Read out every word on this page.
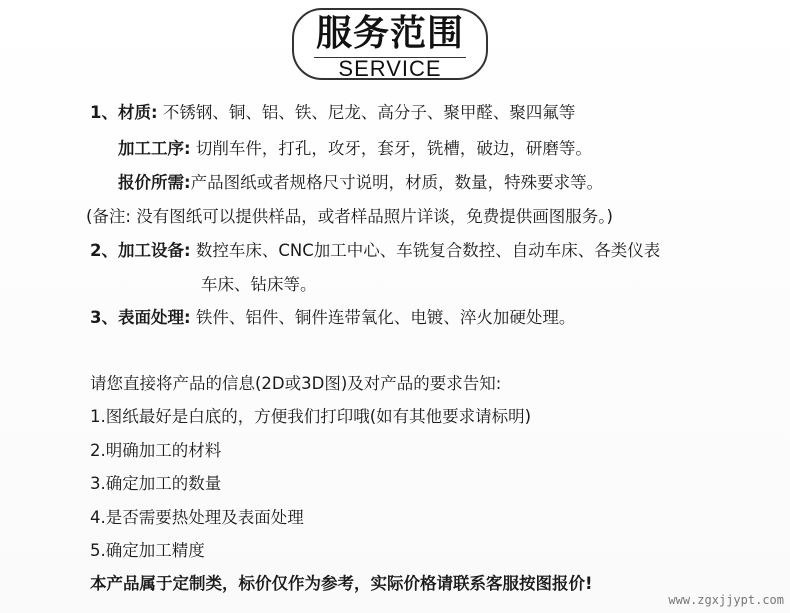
服务范围
SERVICE
1、材质: 不锈钢、铜、铝、铁、尼龙、高分子、聚甲醛、聚四氟等
加工工序: 切削车件，打孔，攻牙，套牙，铣槽，破边，研磨等。
报价所需:产品图纸或者规格尺寸说明，材质，数量，特殊要求等。
(备注: 没有图纸可以提供样品，或者样品照片详谈，免费提供画图服务。)
2、加工设备: 数控车床、CNC加工中心、车铣复合数控、自动车床、各类仪表
车床、钻床等。
3、表面处理: 铁件、铝件、铜件连带氧化、电镀、淬火加硬处理。
请您直接将产品的信息(2D或3D图)及对产品的要求告知:
1.图纸最好是白底的，方便我们打印哦(如有其他要求请标明)
2.明确加工的材料
3.确定加工的数量
4.是否需要热处理及表面处理
5.确定加工精度
本产品属于定制类，标价仅作为参考，实际价格请联系客服按图报价!
www.zgxjjypt.com
